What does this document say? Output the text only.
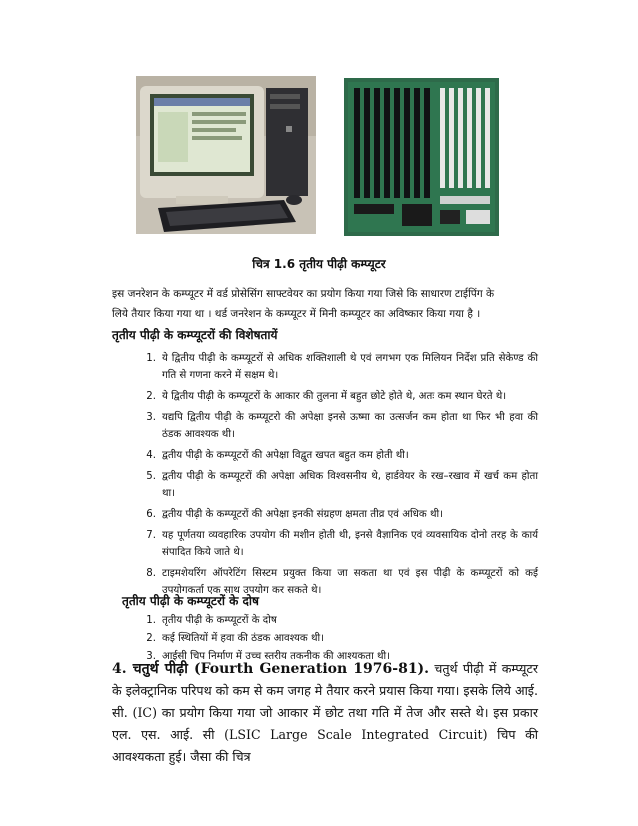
चित्र 1.6 तृतीय पीढ़ी कम्प्यूटर
इस जनरेशन के कम्प्यूटर में वर्ड प्रोसेसिंग साफ्टवेयर का प्रयोग किया गया जिसे कि साधारण टाईपिंग के
लिये तैयार किया गया था । थर्ड जनरेशन के कम्प्यूटर में मिनी कम्प्यूटर का अविष्कार किया गया है ।
तृतीय पीढ़ी के कम्प्यूटरों की विशेषतायें
1. ये द्वितीय पीढ़ी के कम्प्यूटरों से अधिक शक्तिशाली थे एवं लगभग एक मिलियन निर्देश प्रति सेकेण्ड की गति से गणना करने में सक्षम थे।
2. ये द्वितीय पीढ़ी के कम्प्यूटरों के आकार की तुलना में बहुत छोटे होते थे, अतः कम स्थान घेरते थे।
3. यद्यपि द्वितीय पीढ़ी के कम्प्यूटरो की अपेक्षा इनसे ऊष्मा का उत्सर्जन कम होता था फिर भी हवा की ठंडक आवश्यक थी।
4. द्वतीय पीढ़ी के कम्प्यूटरों की अपेक्षा विद्वुत खपत बहुत कम होती थी।
5. द्वतीय पीढ़ी के कम्प्यूटरों की अपेक्षा अधिक विश्वसनीय थे, हार्डवेयर के रख–रखाव में खर्च कम होता था।
6. द्वतीय पीढ़ी के कम्प्यूटरों की अपेक्षा इनकी संग्रहण क्षमता तीव्र एवं अधिक थी।
7. यह पूर्णतया व्यवहारिक उपयोग की मशीन होती थी, इनसे वैज्ञानिक एवं व्यवसायिक दोनो तरह के कार्य संपादित किये जाते थे।
8. टाइमशेयरिंग ऑपरेटिंग सिस्टम प्रयुक्त किया जा सकता था एवं इस पीढ़ी के कम्प्यूटरों को कई उपयोगकर्ता एक साथ उपयोग कर सकते थे।
तृतीय पीढ़ी के कम्प्यूटरों के दोष
1. तृतीय पीढ़ी के कम्प्यूटरों के दोष
2. कई स्थितियों में हवा की ठंडक आवश्यक थी।
3. आईसी चिप निर्माण में उच्च स्तरीय तकनीक की आश्यकता थी।
4. चतुर्थ पीढ़ी (Fourth Generation 1976-81). चतुर्थ पीढ़ी में कम्प्यूटर के इलेक्ट्रानिक परिपथ को कम से कम जगह मे तैयार करने प्रयास किया गया। इसके लिये आई. सी. (IC) का प्रयोग किया गया जो आकार में छोट तथा गति में तेज और सस्ते थे। इस प्रकार एल. एस. आई. सी (LSIC Large Scale Integrated Circuit) चिप की आवश्यकता हुई। जैसा की चित्र
